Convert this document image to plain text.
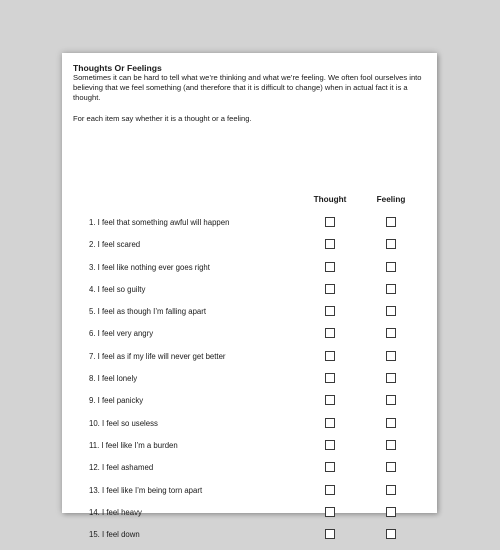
Thoughts Or Feelings

Sometimes it can be hard to tell what we’re thinking and what we’re feeling. We often fool ourselves into believing that we feel something (and therefore that it is difficult to change) when in actual fact it is a thought.

For each item say whether it is a thought or a feeling.

Thought	Feeling
1. I feel that something awful will happen
2. I feel scared
3. I feel like nothing ever goes right
4. I feel so guilty
5. I feel as though I’m falling apart
6. I feel very angry
7. I feel as if my life will never get better
8. I feel lonely
9. I feel panicky
10. I feel so useless
11. I feel like I’m a burden
12. I feel ashamed
13. I feel like I’m being torn apart
14. I feel heavy
15. I feel down
